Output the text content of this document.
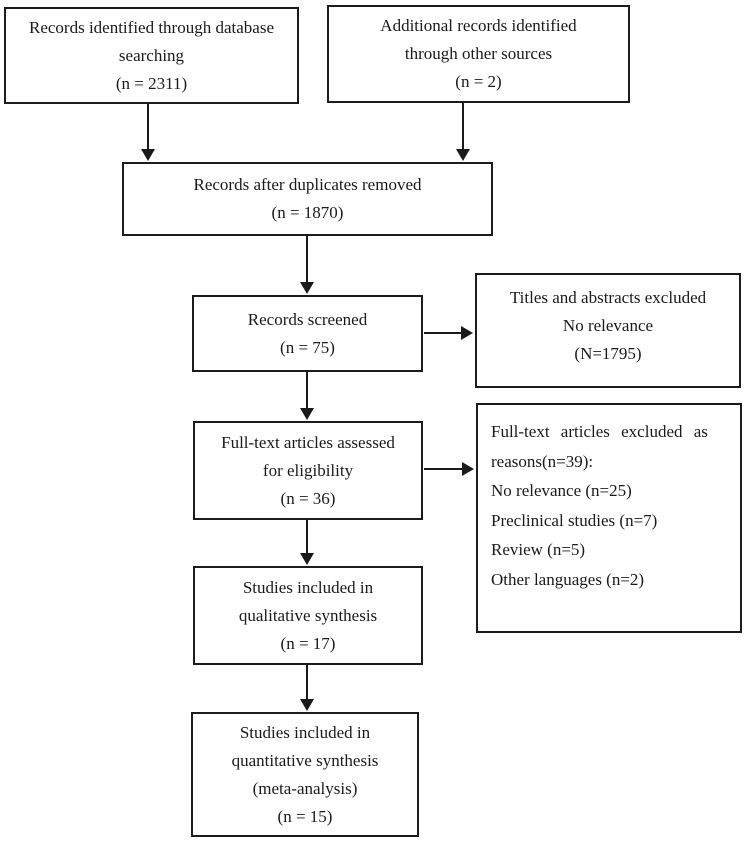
Records identified through database
searching
(n = 2311)
Additional records identified
through other sources
(n = 2)
Records after duplicates removed
(n = 1870)
Records screened
(n = 75)
Titles and abstracts excluded
No relevance
(N=1795)
Full-text articles assessed
for eligibility
(n = 36)
Full-text articles excluded as
reasons(n=39):
No relevance (n=25)
Preclinical studies (n=7)
Review (n=5)
Other languages (n=2)
Studies included in
qualitative synthesis
(n = 17)
Studies included in
quantitative synthesis
(meta-analysis)
(n = 15)
